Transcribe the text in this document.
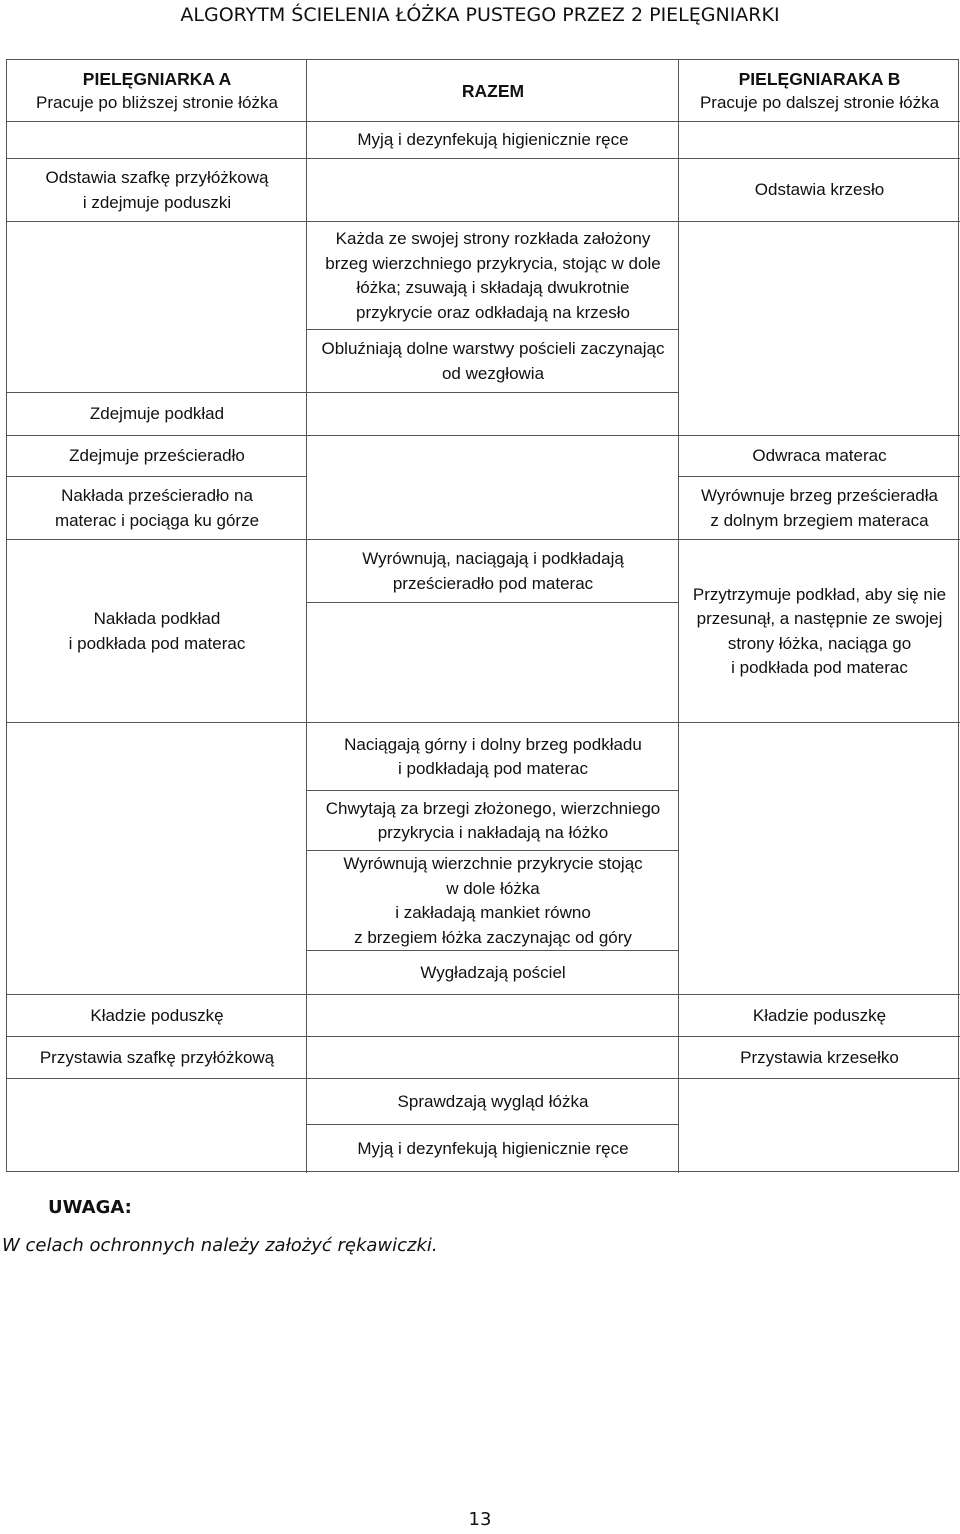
ALGORYTM ŚCIELENIA ŁÓŻKA PUSTEGO PRZEZ 2 PIELĘGNIARKI
Odstawia szafkę przyłóżkową
i zdejmuje poduszki
Zdejmuje podkład
Zdejmuje prześcieradło
Nakłada prześcieradło na
materac i pociąga ku górze
Nakłada podkład
i podkłada pod materac
Kładzie poduszkę
Przystawia szafkę przyłóżkową
Myją i dezynfekują higienicznie ręce
Każda ze swojej strony rozkłada założony
brzeg wierzchniego przykrycia, stojąc w dole
łóżka; zsuwają i składają dwukrotnie
przykrycie oraz odkładają na krzesło
Obluźniają dolne warstwy pościeli zaczynając
od wezgłowia
Wyrównują, naciągają i podkładają
prześcieradło pod materac
Naciągają górny i dolny brzeg podkładu
i podkładają pod materac
Chwytają za brzegi złożonego, wierzchniego
przykrycia i nakładają na łóżko
Wyrównują wierzchnie przykrycie stojąc
w dole łóżka
i zakładają mankiet równo
z brzegiem łóżka zaczynając od góry
Wygładzają pościel
Sprawdzają wygląd łóżka
Myją i dezynfekują higienicznie ręce
Odstawia krzesło
Odwraca materac
Wyrównuje brzeg prześcieradła
z dolnym brzegiem materaca
Przytrzymuje podkład, aby się nie
przesunął, a następnie ze swojej
strony łóżka, naciąga go
i podkłada pod materac
Kładzie poduszkę
Przystawia krzesełko
PIELĘGNIARKA A
Pracuje po bliższej stronie łóżka
RAZEM
PIELĘGNIARAKA B
Pracuje po dalszej stronie łóżka
UWAGA:
W celach ochronnych należy założyć rękawiczki.
13
